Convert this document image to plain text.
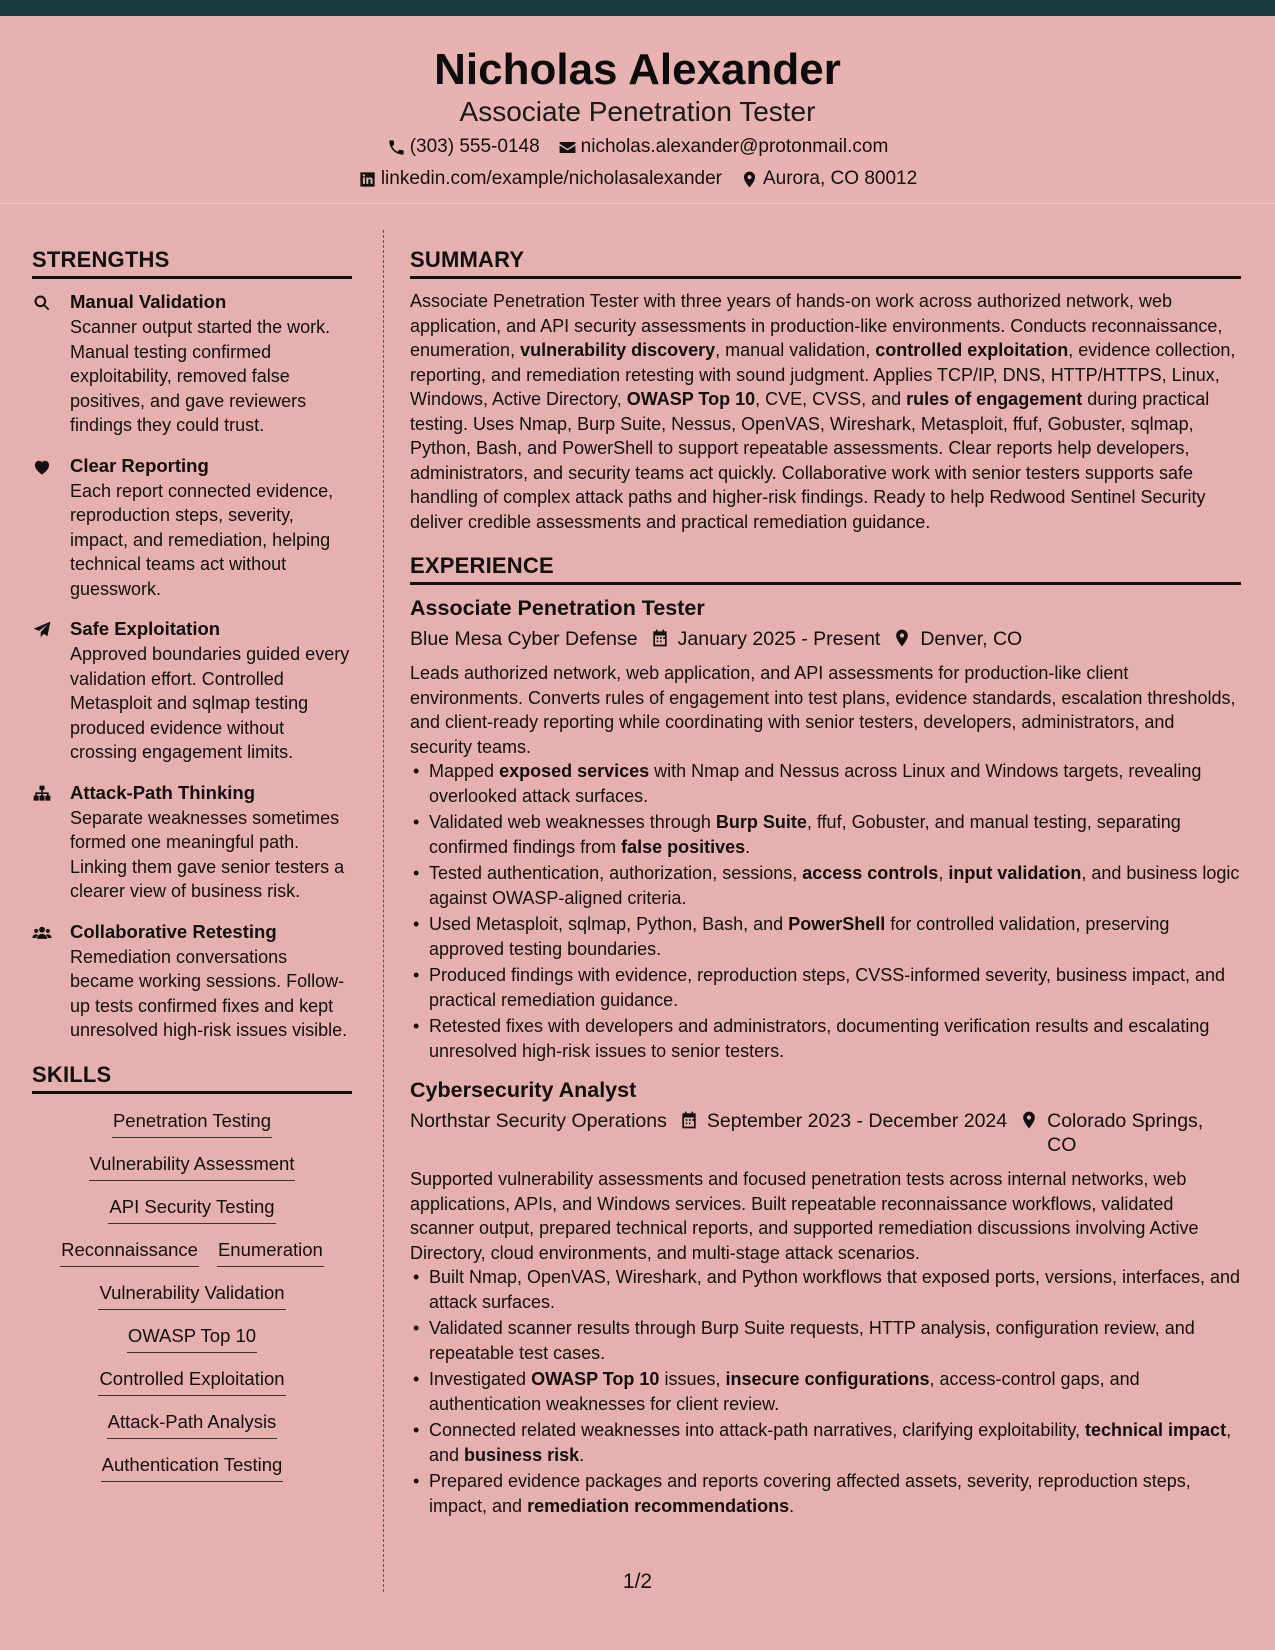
Nicholas Alexander
Associate Penetration Tester
(303) 555-0148 nicholas.alexander@protonmail.com
linkedin.com/example/nicholasalexander Aurora, CO 80012
STRENGTHS
Manual Validation
Scanner output started the work. Manual testing confirmed exploitability, removed false positives, and gave reviewers findings they could trust.
Clear Reporting
Each report connected evidence, reproduction steps, severity, impact, and remediation, helping technical teams act without guesswork.
Safe Exploitation
Approved boundaries guided every validation effort. Controlled Metasploit and sqlmap testing produced evidence without crossing engagement limits.
Attack-Path Thinking
Separate weaknesses sometimes formed one meaningful path. Linking them gave senior testers a clearer view of business risk.
Collaborative Retesting
Remediation conversations became working sessions. Follow-up tests confirmed fixes and kept unresolved high-risk issues visible.
SKILLS
Penetration Testing
Vulnerability Assessment
API Security Testing
Reconnaissance Enumeration
Vulnerability Validation
OWASP Top 10
Controlled Exploitation
Attack-Path Analysis
Authentication Testing
SUMMARY
Associate Penetration Tester with three years of hands-on work across authorized network, web application, and API security assessments in production-like environments. Conducts reconnaissance, enumeration, vulnerability discovery, manual validation, controlled exploitation, evidence collection, reporting, and remediation retesting with sound judgment. Applies TCP/IP, DNS, HTTP/HTTPS, Linux, Windows, Active Directory, OWASP Top 10, CVE, CVSS, and rules of engagement during practical testing. Uses Nmap, Burp Suite, Nessus, OpenVAS, Wireshark, Metasploit, ffuf, Gobuster, sqlmap, Python, Bash, and PowerShell to support repeatable assessments. Clear reports help developers, administrators, and security teams act quickly. Collaborative work with senior testers supports safe handling of complex attack paths and higher-risk findings. Ready to help Redwood Sentinel Security deliver credible assessments and practical remediation guidance.
EXPERIENCE
Associate Penetration Tester
Blue Mesa Cyber Defense January 2025 - Present Denver, CO
Leads authorized network, web application, and API assessments for production-like client environments. Converts rules of engagement into test plans, evidence standards, escalation thresholds, and client-ready reporting while coordinating with senior testers, developers, administrators, and security teams.
• Mapped exposed services with Nmap and Nessus across Linux and Windows targets, revealing overlooked attack surfaces.
• Validated web weaknesses through Burp Suite, ffuf, Gobuster, and manual testing, separating confirmed findings from false positives.
• Tested authentication, authorization, sessions, access controls, input validation, and business logic against OWASP-aligned criteria.
• Used Metasploit, sqlmap, Python, Bash, and PowerShell for controlled validation, preserving approved testing boundaries.
• Produced findings with evidence, reproduction steps, CVSS-informed severity, business impact, and practical remediation guidance.
• Retested fixes with developers and administrators, documenting verification results and escalating unresolved high-risk issues to senior testers.
Cybersecurity Analyst
Northstar Security Operations September 2023 - December 2024 Colorado Springs, CO
Supported vulnerability assessments and focused penetration tests across internal networks, web applications, APIs, and Windows services. Built repeatable reconnaissance workflows, validated scanner output, prepared technical reports, and supported remediation discussions involving Active Directory, cloud environments, and multi-stage attack scenarios.
• Built Nmap, OpenVAS, Wireshark, and Python workflows that exposed ports, versions, interfaces, and attack surfaces.
• Validated scanner results through Burp Suite requests, HTTP analysis, configuration review, and repeatable test cases.
• Investigated OWASP Top 10 issues, insecure configurations, access-control gaps, and authentication weaknesses for client review.
• Connected related weaknesses into attack-path narratives, clarifying exploitability, technical impact, and business risk.
• Prepared evidence packages and reports covering affected assets, severity, reproduction steps, impact, and remediation recommendations.
1/2
